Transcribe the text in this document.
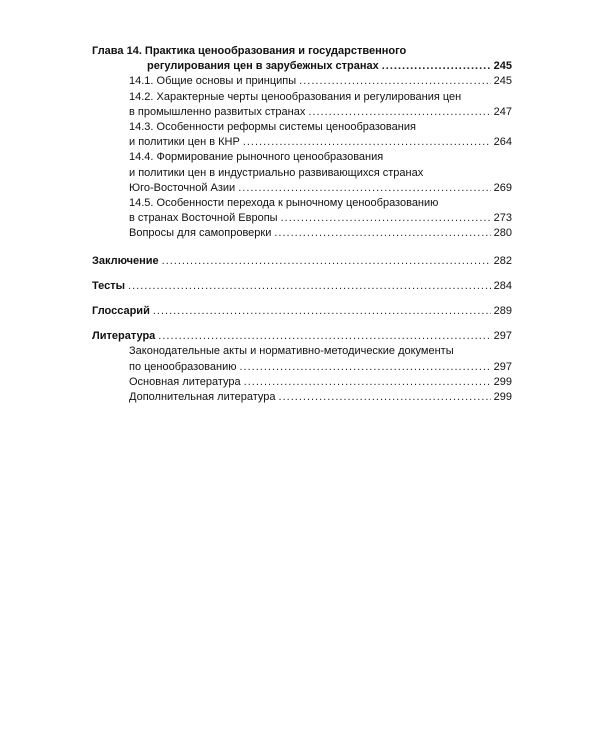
Глава 14. Практика ценообразования и государственного
регулирования цен в зарубежных странах .....	245
14.1. Общие основы и принципы .....	245
14.2. Характерные черты ценообразования и регулирования цен
в промышленно развитых странах .....	247
14.3. Особенности реформы системы ценообразования
и политики цен в КНР .....	264
14.4. Формирование рыночного ценообразования
и политики цен в индустриально развивающихся странах
Юго-Восточной Азии .....	269
14.5. Особенности перехода к рыночному ценообразованию
в странах Восточной Европы .....	273
Вопросы для самопроверки .....	280
Заключение .....	282
Тесты .....	284
Глоссарий .....	289
Литература .....	297
Законодательные акты и нормативно-методические документы
по ценообразованию .....	297
Основная литература .....	299
Дополнительная литература .....	299
